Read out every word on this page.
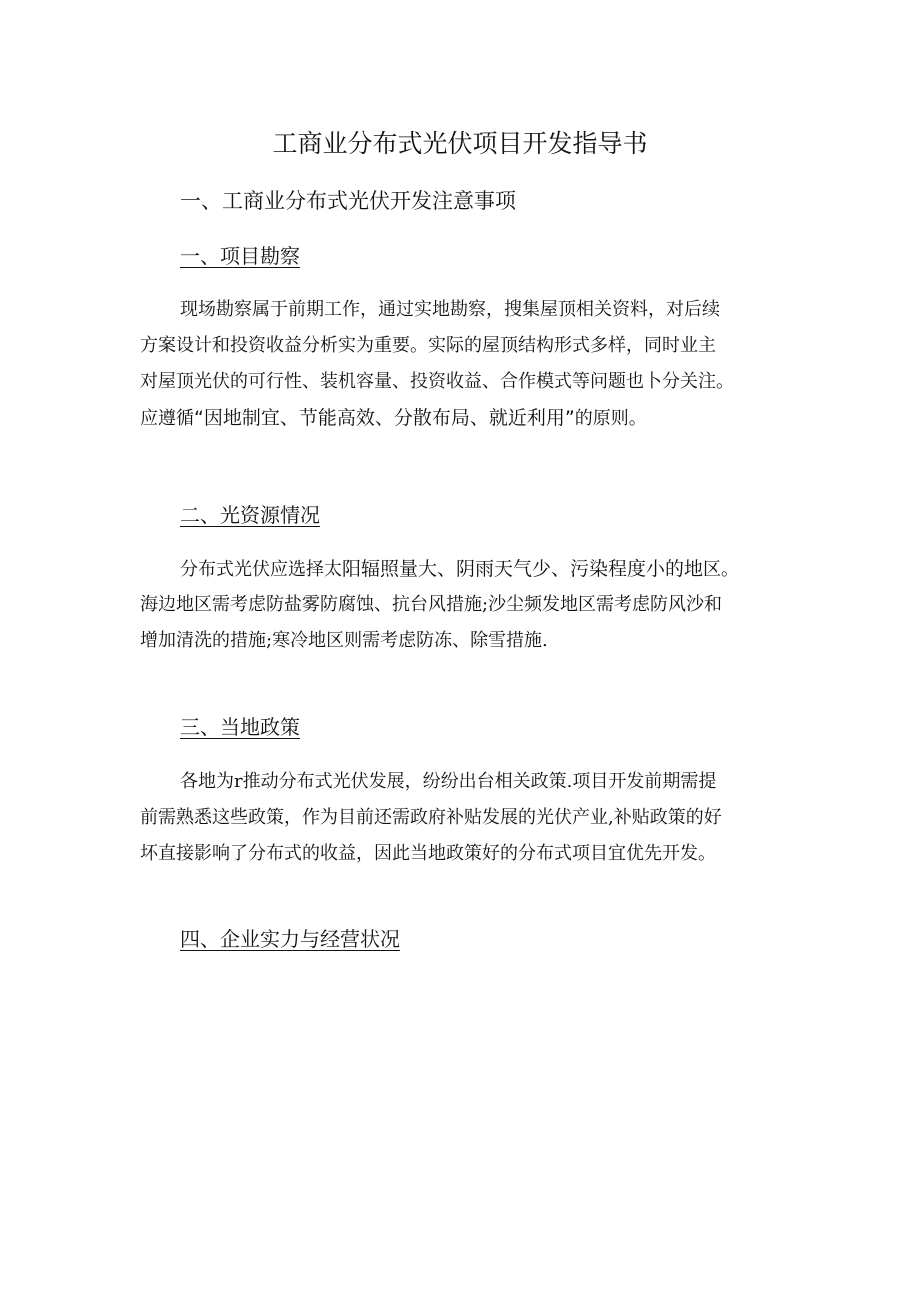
工商业分布式光伏项目开发指导书
一、工商业分布式光伏开发注意事项
一、项目勘察
现场勘察属于前期工作，通过实地勘察，搜集屋顶相关资料，对后续
方案设计和投资收益分析实为重要。实际的屋顶结构形式多样，同时业主
对屋顶光伏的可行性、装机容量、投资收益、合作模式等问题也卜分关注。
应遵循“因地制宜、节能高效、分散布局、就近利用”的原则。
二、光资源情况
分布式光伏应选择太阳辐照量大、阴雨天气少、污染程度小的地区。
海边地区需考虑防盐雾防腐蚀、抗台风措施;沙尘频发地区需考虑防风沙和
增加清洗的措施;寒冷地区则需考虑防冻、除雪措施.
三、当地政策
各地为r推动分布式光伏发展，纷纷出台相关政策.项目开发前期需提
前需熟悉这些政策，作为目前还需政府补贴发展的光伏产业,补贴政策的好
坏直接影响了分布式的收益，因此当地政策好的分布式项目宜优先开发。
四、企业实力与经营状况
